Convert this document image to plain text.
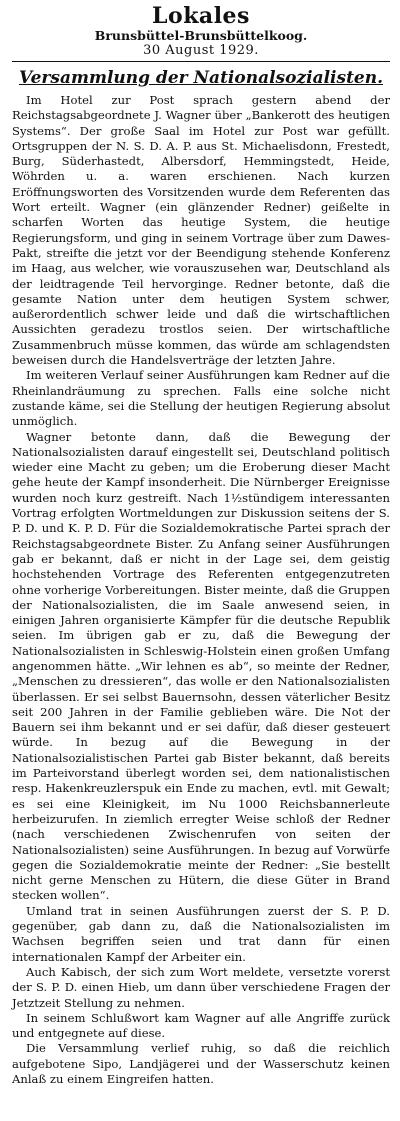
Lokales

Brunsbüttel-Brunsbüttelkoog.

30 August 1929.

Versammlung der Nationalsozialisten.

Im Hotel zur Post sprach gestern abend der Reichstagsabgeordnete J. Wagner über „Bankerott des heutigen Systems“. Der große Saal im Hotel zur Post war gefüllt. Ortsgruppen der N. S. D. A. P. aus St. Michaelisdonn, Frestedt, Burg, Süderhastedt, Albersdorf, Hemmingstedt, Heide, Wöhrden u. a. waren erschienen. Nach kurzen Eröffnungsworten des Vorsitzenden wurde dem Referenten das Wort erteilt. Wagner (ein glänzender Redner) geißelte in scharfen Worten das heutige System, die heutige Regierungsform, und ging in seinem Vortrage über zum Dawes-Pakt, streifte die jetzt vor der Beendigung stehende Konferenz im Haag, aus welcher, wie vorauszusehen war, Deutschland als der leidtragende Teil hervorginge. Redner betonte, daß die gesamte Nation unter dem heutigen System schwer, außerordentlich schwer leide und daß die wirtschaftlichen Aussichten geradezu trostlos seien. Der wirtschaftliche Zusammenbruch müsse kommen, das würde am schlagendsten beweisen durch die Handelsverträge der letzten Jahre.

Im weiteren Verlauf seiner Ausführungen kam Redner auf die Rheinlandräumung zu sprechen. Falls eine solche nicht zustande käme, sei die Stellung der heutigen Regierung absolut unmöglich.

Wagner betonte dann, daß die Bewegung der Nationalsozialisten darauf eingestellt sei, Deutschland politisch wieder eine Macht zu geben; um die Eroberung dieser Macht gehe heute der Kampf insonderheit. Die Nürnberger Ereignisse wurden noch kurz gestreift. Nach 1½stündigem interessanten Vortrag erfolgten Wortmeldungen zur Diskussion seitens der S. P. D. und K. P. D. Für die Sozialdemokratische Partei sprach der Reichstagsabgeordnete Bister. Zu Anfang seiner Ausführungen gab er bekannt, daß er nicht in der Lage sei, dem geistig hochstehenden Vortrage des Referenten entgegenzutreten ohne vorherige Vorbereitungen. Bister meinte, daß die Gruppen der Nationalsozialisten, die im Saale anwesend seien, in einigen Jahren organisierte Kämpfer für die deutsche Republik seien. Im übrigen gab er zu, daß die Bewegung der Nationalsozialisten in Schleswig-Holstein einen großen Umfang angenommen hätte. „Wir lehnen es ab“, so meinte der Redner, „Menschen zu dressieren“, das wolle er den Nationalsozialisten überlassen. Er sei selbst Bauernsohn, dessen väterlicher Besitz seit 200 Jahren in der Familie geblieben wäre. Die Not der Bauern sei ihm bekannt und er sei dafür, daß dieser gesteuert würde. In bezug auf die Bewegung in der Nationalsozialistischen Partei gab Bister bekannt, daß bereits im Parteivorstand überlegt worden sei, dem nationalistischen resp. Hakenkreuzlerspuk ein Ende zu machen, evtl. mit Gewalt; es sei eine Kleinigkeit, im Nu 1000 Reichsbannerleute herbeizurufen. In ziemlich erregter Weise schloß der Redner (nach verschiedenen Zwischenrufen von seiten der Nationalsozialisten) seine Ausführungen. In bezug auf Vorwürfe gegen die Sozialdemokratie meinte der Redner: „Sie bestellt nicht gerne Menschen zu Hütern, die diese Güter in Brand stecken wollen“.

Umland trat in seinen Ausführungen zuerst der S. P. D. gegenüber, gab dann zu, daß die Nationalsozialisten im Wachsen begriffen seien und trat dann für einen internationalen Kampf der Arbeiter ein.

Auch Kabisch, der sich zum Wort meldete, versetzte vorerst der S. P. D. einen Hieb, um dann über verschiedene Fragen der Jetztzeit Stellung zu nehmen.

In seinem Schlußwort kam Wagner auf alle Angriffe zurück und entgegnete auf diese.

Die Versammlung verlief ruhig, so daß die reichlich aufgebotene Sipo, Landjägerei und der Wasserschutz keinen Anlaß zu einem Eingreifen hatten.
